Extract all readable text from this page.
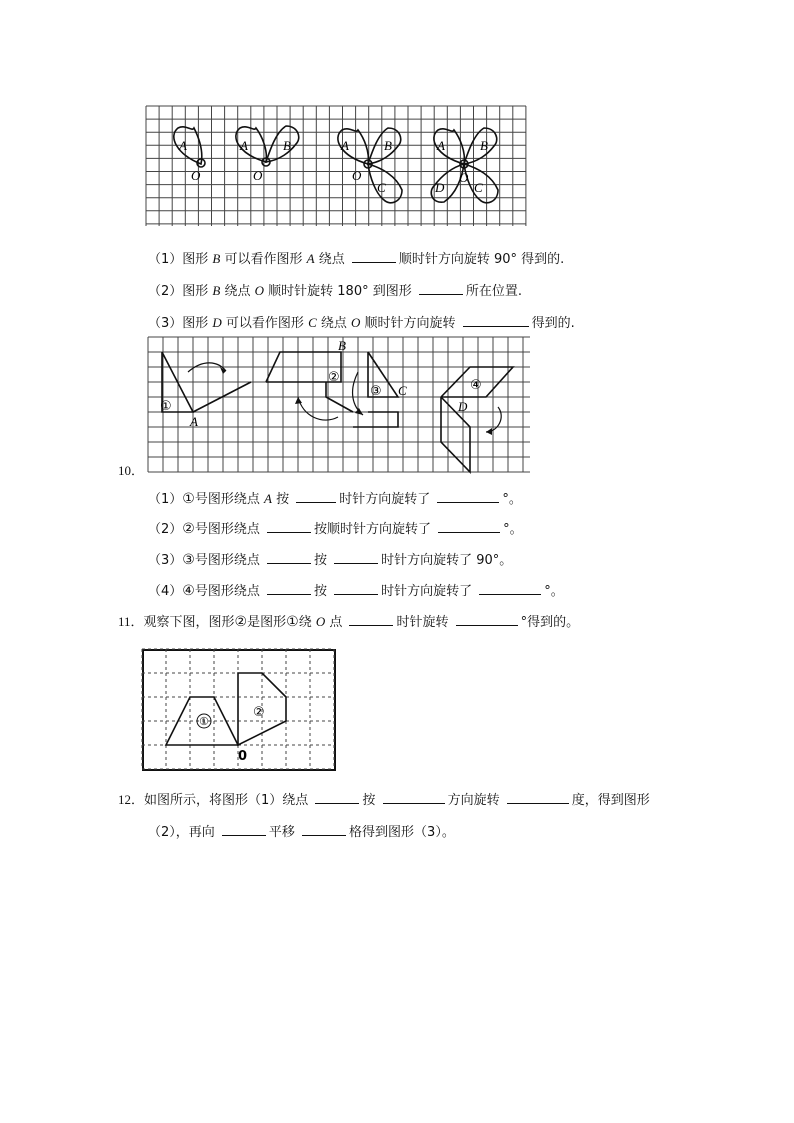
A
O
A	B
O
A	B
O
C
A	B
O
D C
（1）图形 B 可以看作图形 A 绕点	顺时针方向旋转 90° 得到的.
（2）图形 B 绕点 O 顺时针旋转 180° 到图形	所在位置.
（3）图形 D 可以看作图形 C 绕点 O 顺时针方向旋转	得到的.
10．
①
A
②
B
③ C	④
D
（1）①号图形绕点 A 按	时针方向旋转了	°。
（2）②号图形绕点	按顺时针方向旋转了	°。
（3）③号图形绕点	按	时针方向旋转了 90°。
（4）④号图形绕点	按	时针方向旋转了	°。
11．观察下图，图形②是图形①绕 O 点	时针旋转	°得到的。
①
②
0
12．如图所示，将图形（1）绕点	按	方向旋转	度，得到图形
（2），再向	平移	格得到图形（3）。
